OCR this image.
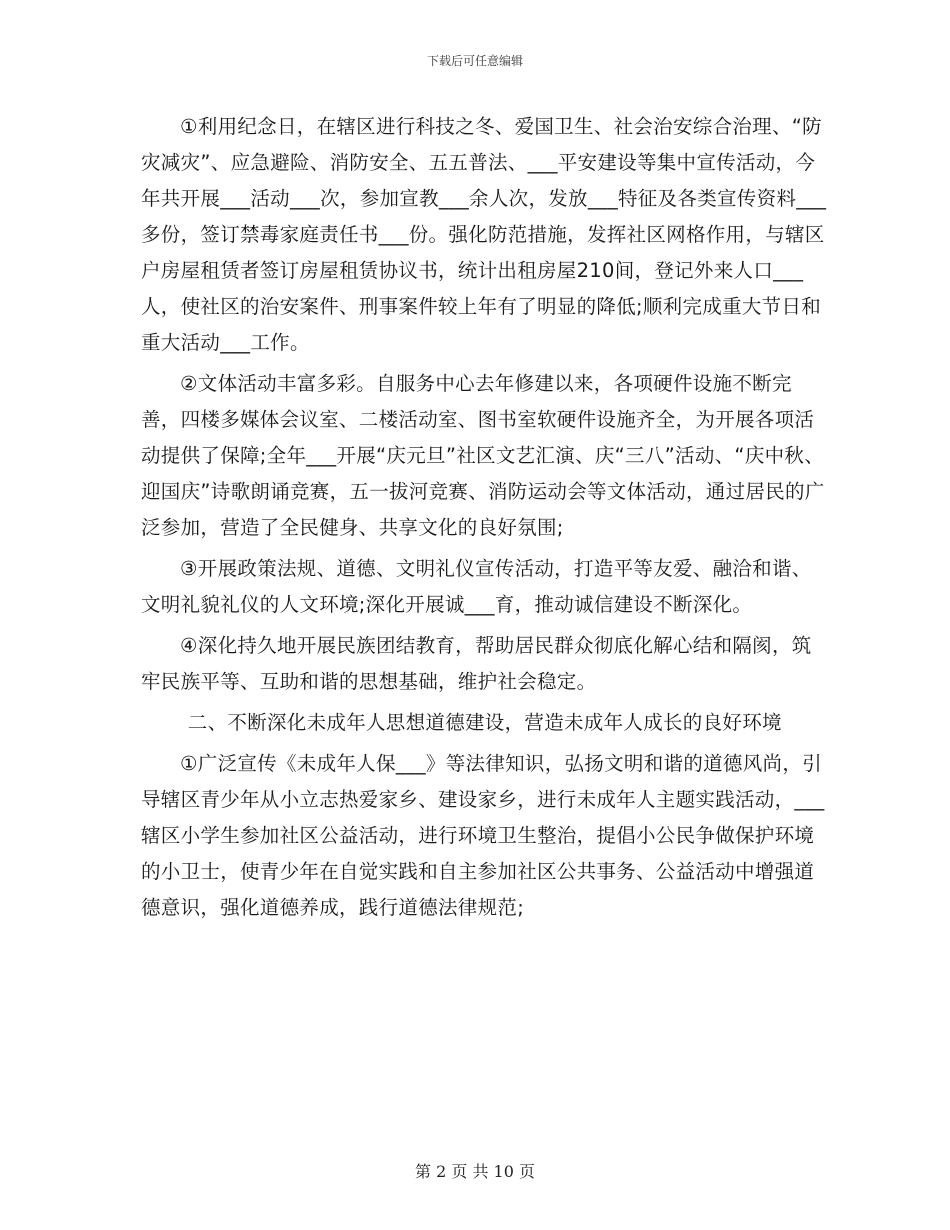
下载后可任意编辑

①利用纪念日，在辖区进行科技之冬、爱国卫生、社会治安综合治理、“防灾减灾”、应急避险、消防安全、五五普法、___平安建设等集中宣传活动，今年共开展___活动___次，参加宣教___余人次，发放___特征及各类宣传资料___多份，签订禁毒家庭责任书___份。强化防范措施，发挥社区网格作用，与辖区户房屋租赁者签订房屋租赁协议书，统计出租房屋210间，登记外来人口___人，使社区的治安案件、刑事案件较上年有了明显的降低;顺利完成重大节日和重大活动___工作。

②文体活动丰富多彩。自服务中心去年修建以来，各项硬件设施不断完善，四楼多媒体会议室、二楼活动室、图书室软硬件设施齐全，为开展各项活动提供了保障;全年___开展“庆元旦”社区文艺汇演、庆“三八”活动、“庆中秋、迎国庆”诗歌朗诵竞赛，五一拔河竞赛、消防运动会等文体活动，通过居民的广泛参加，营造了全民健身、共享文化的良好氛围;

③开展政策法规、道德、文明礼仪宣传活动，打造平等友爱、融洽和谐、文明礼貌礼仪的人文环境;深化开展诚___育，推动诚信建设不断深化。

④深化持久地开展民族团结教育，帮助居民群众彻底化解心结和隔阂，筑牢民族平等、互助和谐的思想基础，维护社会稳定。

二、不断深化未成年人思想道德建设，营造未成年人成长的良好环境

①广泛宣传《未成年人保___》等法律知识，弘扬文明和谐的道德风尚，引导辖区青少年从小立志热爱家乡、建设家乡，进行未成年人主题实践活动，___辖区小学生参加社区公益活动，进行环境卫生整治，提倡小公民争做保护环境的小卫士，使青少年在自觉实践和自主参加社区公共事务、公益活动中增强道德意识，强化道德养成，践行道德法律规范;

第 2 页 共 10 页
